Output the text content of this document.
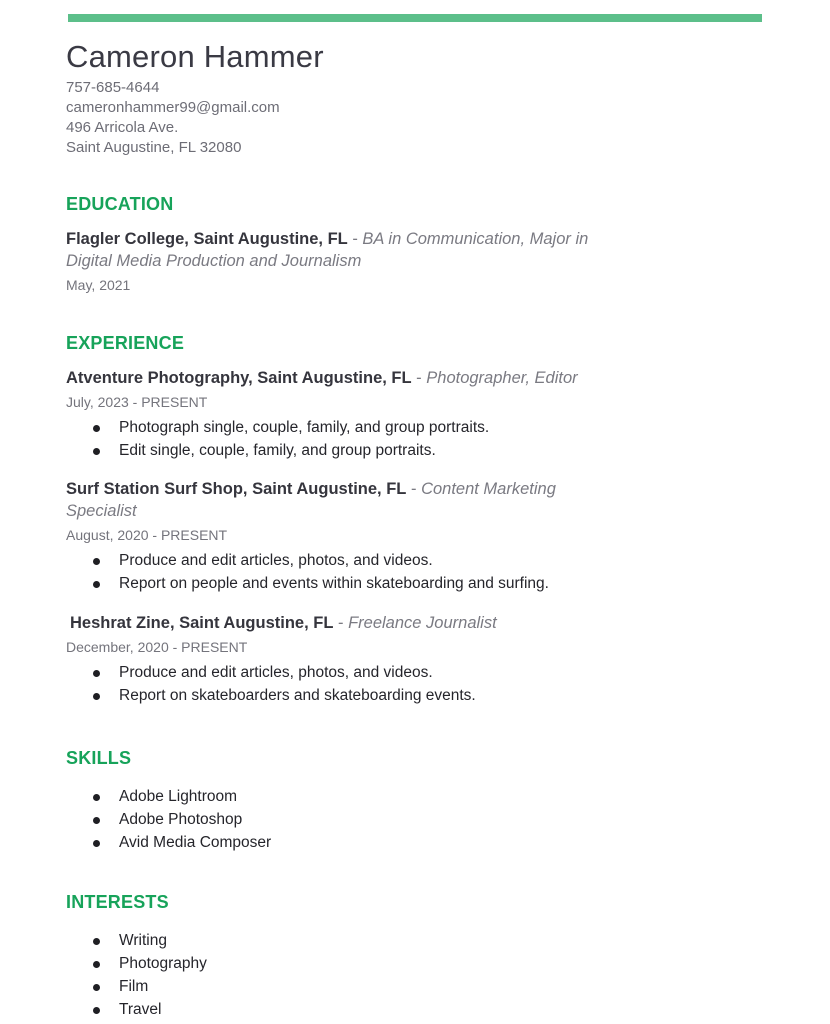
Cameron Hammer

757-685-4644

cameronhammer99@gmail.com

496 Arricola Ave.

Saint Augustine, FL 32080

EDUCATION

Flagler College, Saint Augustine, FL - BA in Communication, Major in Digital Media Production and Journalism

May, 2021

EXPERIENCE

Atventure Photography, Saint Augustine, FL - Photographer, Editor

July, 2023 - PRESENT

Photograph single, couple, family, and group portraits.
Edit single, couple, family, and group portraits.

Surf Station Surf Shop, Saint Augustine, FL - Content Marketing Specialist

August, 2020 - PRESENT

Produce and edit articles, photos, and videos.
Report on people and events within skateboarding and surfing.

Heshrat Zine, Saint Augustine, FL - Freelance Journalist

December, 2020 - PRESENT

Produce and edit articles, photos, and videos.
Report on skateboarders and skateboarding events.
SKILLS
Adobe Lightroom
Adobe Photoshop
Avid Media Composer
INTERESTS
Writing
Photography
Film
Travel
